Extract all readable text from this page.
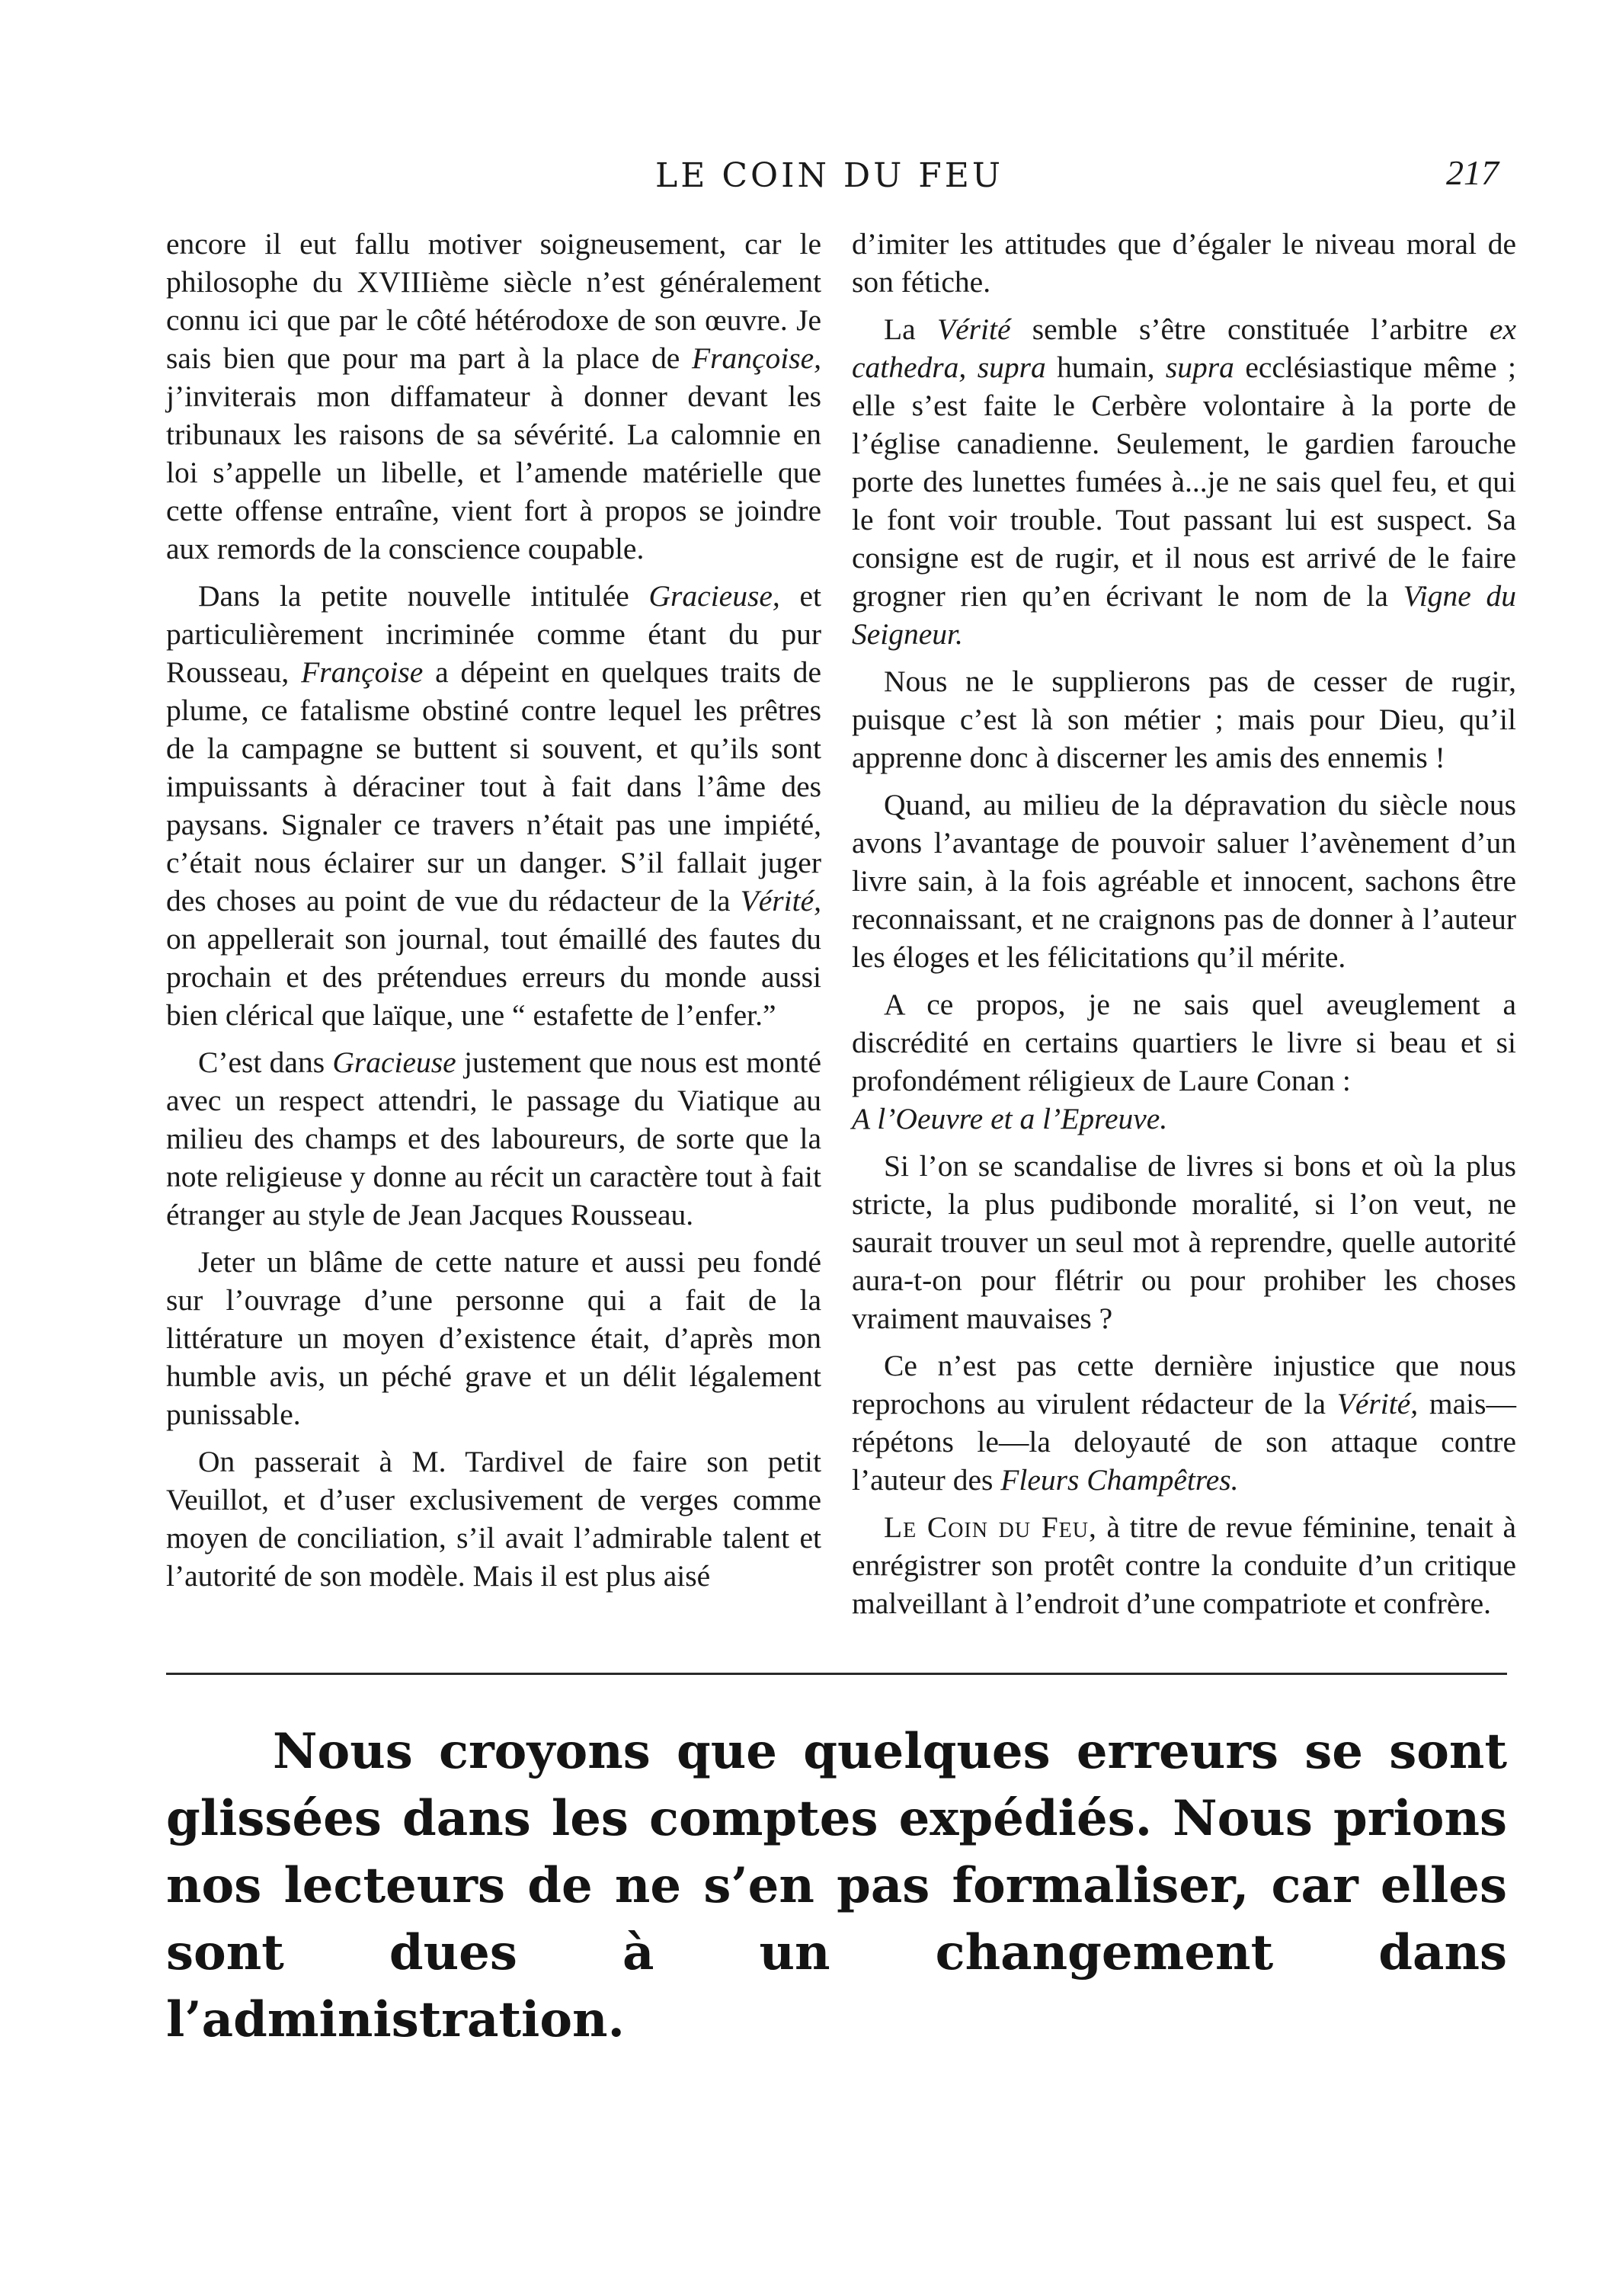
LE COIN DU FEU	217

encore il eut fallu motiver soigneusement, car le philosophe du XVIIIième siècle n’est généralement connu ici que par le côté hétérodoxe de son œuvre. Je sais bien que pour ma part à la place de Françoise, j’inviterais mon diffamateur à donner devant les tribunaux les raisons de sa sévérité. La calomnie en loi s’appelle un libelle, et l’amende matérielle que cette offense entraîne, vient fort à propos se joindre aux remords de la conscience coupable.

Dans la petite nouvelle intitulée Gracieuse, et particulièrement incriminée comme étant du pur Rousseau, Françoise a dépeint en quelques traits de plume, ce fatalisme obstiné contre lequel les prêtres de la campagne se buttent si souvent, et qu’ils sont impuissants à déraciner tout à fait dans l’âme des paysans. Signaler ce travers n’était pas une impiété, c’était nous éclairer sur un danger. S’il fallait juger des choses au point de vue du rédacteur de la Vérité, on appellerait son journal, tout émaillé des fautes du prochain et des prétendues erreurs du monde aussi bien clérical que laïque, une “ estafette de l’enfer.”

C’est dans Gracieuse justement que nous est monté avec un respect attendri, le passage du Viatique au milieu des champs et des laboureurs, de sorte que la note religieuse y donne au récit un caractère tout à fait étranger au style de Jean Jacques Rousseau.

Jeter un blâme de cette nature et aussi peu fondé sur l’ouvrage d’une personne qui a fait de la littérature un moyen d’existence était, d’après mon humble avis, un péché grave et un délit légalement punissable.

On passerait à M. Tardivel de faire son petit Veuillot, et d’user exclusivement de verges comme moyen de conciliation, s’il avait l’admirable talent et l’autorité de son modèle. Mais il est plus aisé

d’imiter les attitudes que d’égaler le niveau moral de son fétiche.

La Vérité semble s’être constituée l’arbitre ex cathedra, supra humain, supra ecclésiastique même ; elle s’est faite le Cerbère volontaire à la porte de l’église canadienne. Seulement, le gardien farouche porte des lunettes fumées à...je ne sais quel feu, et qui le font voir trouble. Tout passant lui est suspect. Sa consigne est de rugir, et il nous est arrivé de le faire grogner rien qu’en écrivant le nom de la Vigne du Seigneur.

Nous ne le supplierons pas de cesser de rugir, puisque c’est là son métier ; mais pour Dieu, qu’il apprenne donc à discerner les amis des ennemis !

Quand, au milieu de la dépravation du siècle nous avons l’avantage de pouvoir saluer l’avènement d’un livre sain, à la fois agréable et innocent, sachons être reconnaissant, et ne craignons pas de donner à l’auteur les éloges et les félicitations qu’il mérite.

A ce propos, je ne sais quel aveuglement a discrédité en certains quartiers le livre si beau et si profondément réligieux de Laure Conan :
A l’Oeuvre et a l’Epreuve.

Si l’on se scandalise de livres si bons et où la plus stricte, la plus pudibonde moralité, si l’on veut, ne saurait trouver un seul mot à reprendre, quelle autorité aura-t-on pour flétrir ou pour prohiber les choses vraiment mauvaises ?

Ce n’est pas cette dernière injustice que nous reprochons au virulent rédacteur de la Vérité, mais—répétons le—la deloyauté de son attaque contre l’auteur des Fleurs Champêtres.

Le Coin du Feu, à titre de revue féminine, tenait à enrégistrer son protêt contre la conduite d’un critique malveillant à l’endroit d’une compatriote et confrère.

Nous croyons que quelques erreurs se sont glissées dans les comptes expédiés. Nous prions nos lecteurs de ne s’en pas formaliser, car elles sont dues à un changement dans l’administration.
